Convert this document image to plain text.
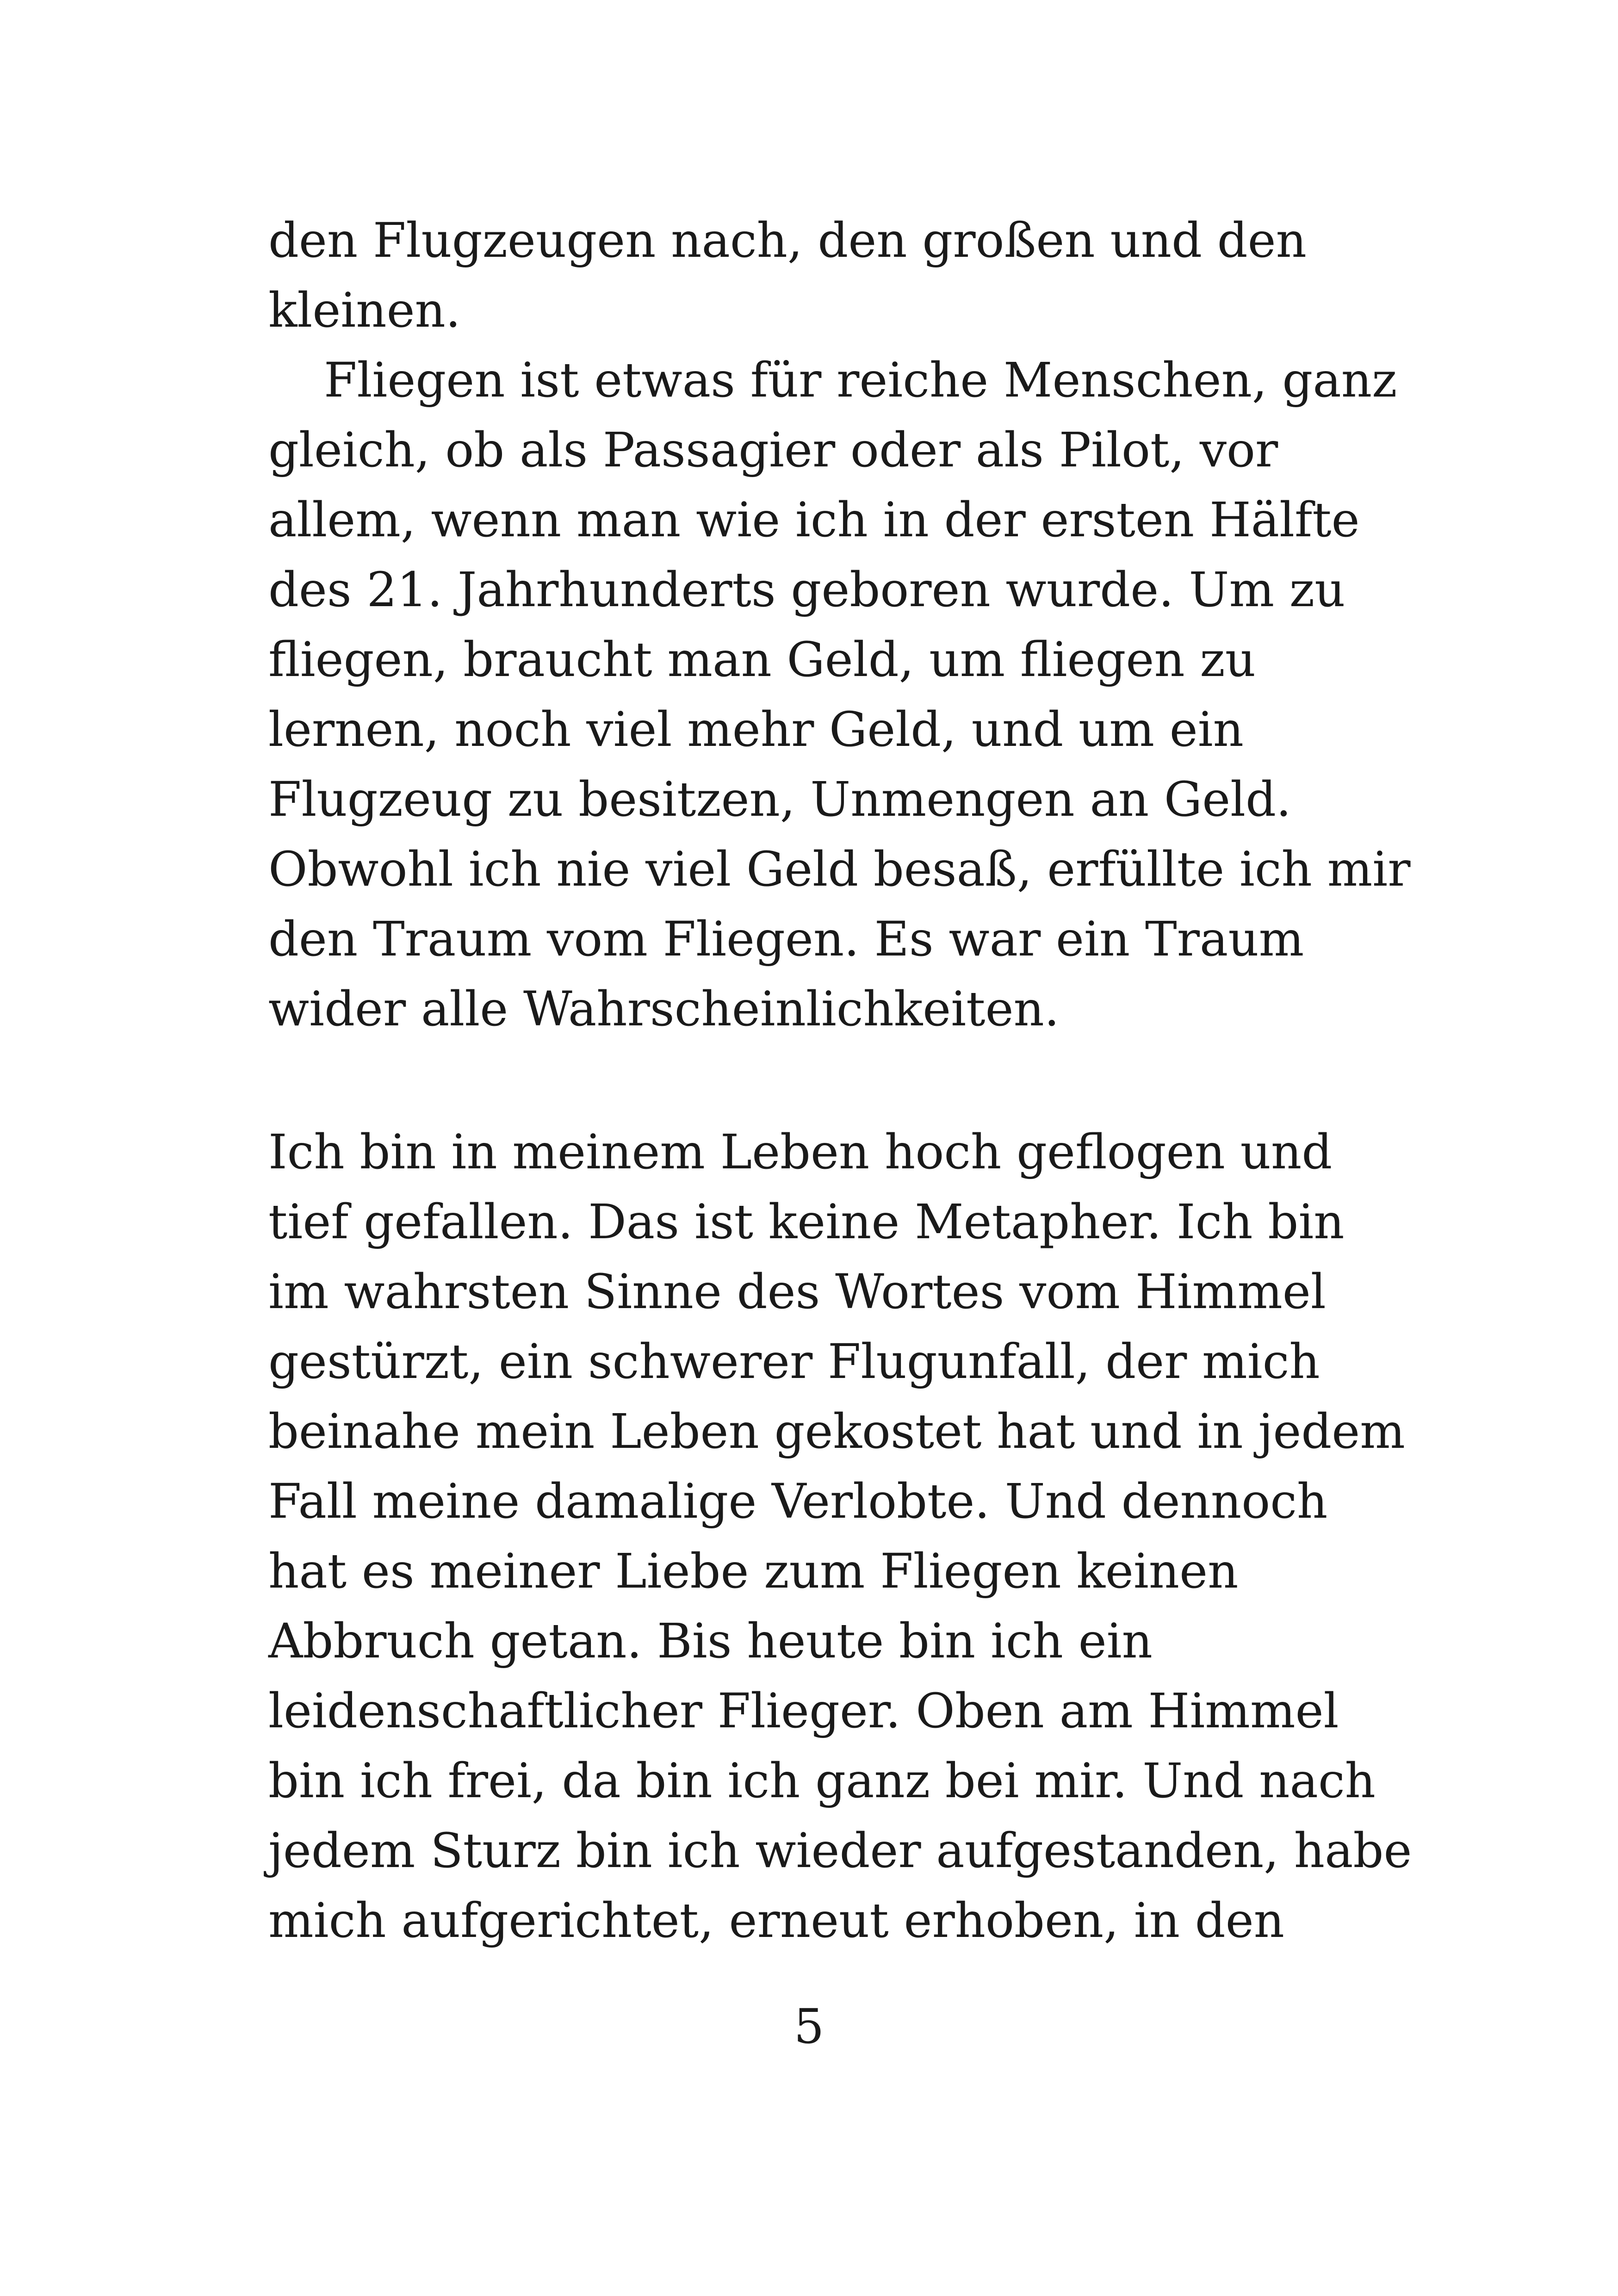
den Flugzeugen nach, den großen und den
kleinen.
Fliegen ist etwas für reiche Menschen, ganz
gleich, ob als Passagier oder als Pilot, vor
allem, wenn man wie ich in der ersten Hälfte
des 21. Jahrhunderts geboren wurde. Um zu
fliegen, braucht man Geld, um fliegen zu
lernen, noch viel mehr Geld, und um ein
Flugzeug zu besitzen, Unmengen an Geld.
Obwohl ich nie viel Geld besaß, erfüllte ich mir
den Traum vom Fliegen. Es war ein Traum
wider alle Wahrscheinlichkeiten.
Ich bin in meinem Leben hoch geflogen und
tief gefallen. Das ist keine Metapher. Ich bin
im wahrsten Sinne des Wortes vom Himmel
gestürzt, ein schwerer Flugunfall, der mich
beinahe mein Leben gekostet hat und in jedem
Fall meine damalige Verlobte. Und dennoch
hat es meiner Liebe zum Fliegen keinen
Abbruch getan. Bis heute bin ich ein
leidenschaftlicher Flieger. Oben am Himmel
bin ich frei, da bin ich ganz bei mir. Und nach
jedem Sturz bin ich wieder aufgestanden, habe
mich aufgerichtet, erneut erhoben, in den
5
